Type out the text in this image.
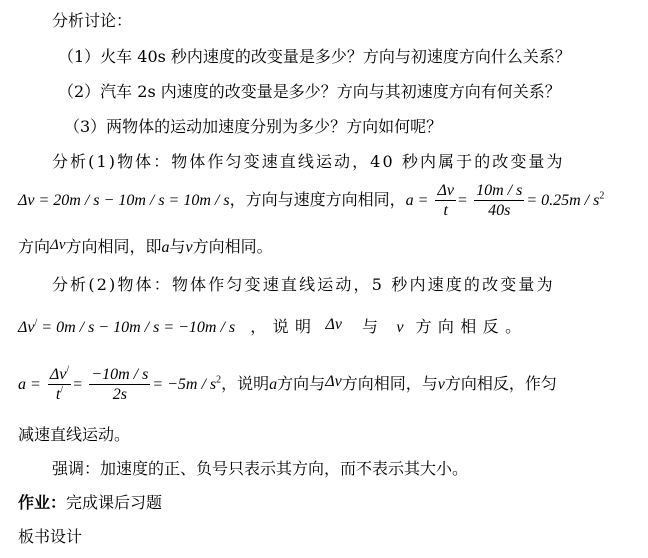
分析讨论：
（1）火车 40s 秒内速度的改变量是多少？方向与初速度方向什么关系？
（2）汽车 2s 内速度的改变量是多少？方向与其初速度方向有何关系？
（3）两物体的运动加速度分别为多少？方向如何呢？
分析(1)物体：物体作匀变速直线运动，40 秒内属于的改变量为
Δv = 20m / s − 10m / s = 10m / s，方向与速度方向相同，$a = \frac{\Delta v}{t} = \frac{10m / s}{40s} = 0.25m / s^2$
方向Δv方向相同，即a与v方向相同。
分析(2)物体：物体作匀变速直线运动，5 秒内速度的改变量为
Δv/ = 0m / s − 10m / s = −10m / s ，说明 Δv 与 v 方向相反。
$a = \frac{\Delta v^/}{t^/} = \frac{-10m / s}{2s} = -5m / s^2$，说明a方向与Δv方向相同，与v方向相反，作匀
减速直线运动。
强调：加速度的正、负号只表示其方向，而不表示其大小。
作业：完成课后习题
板书设计
